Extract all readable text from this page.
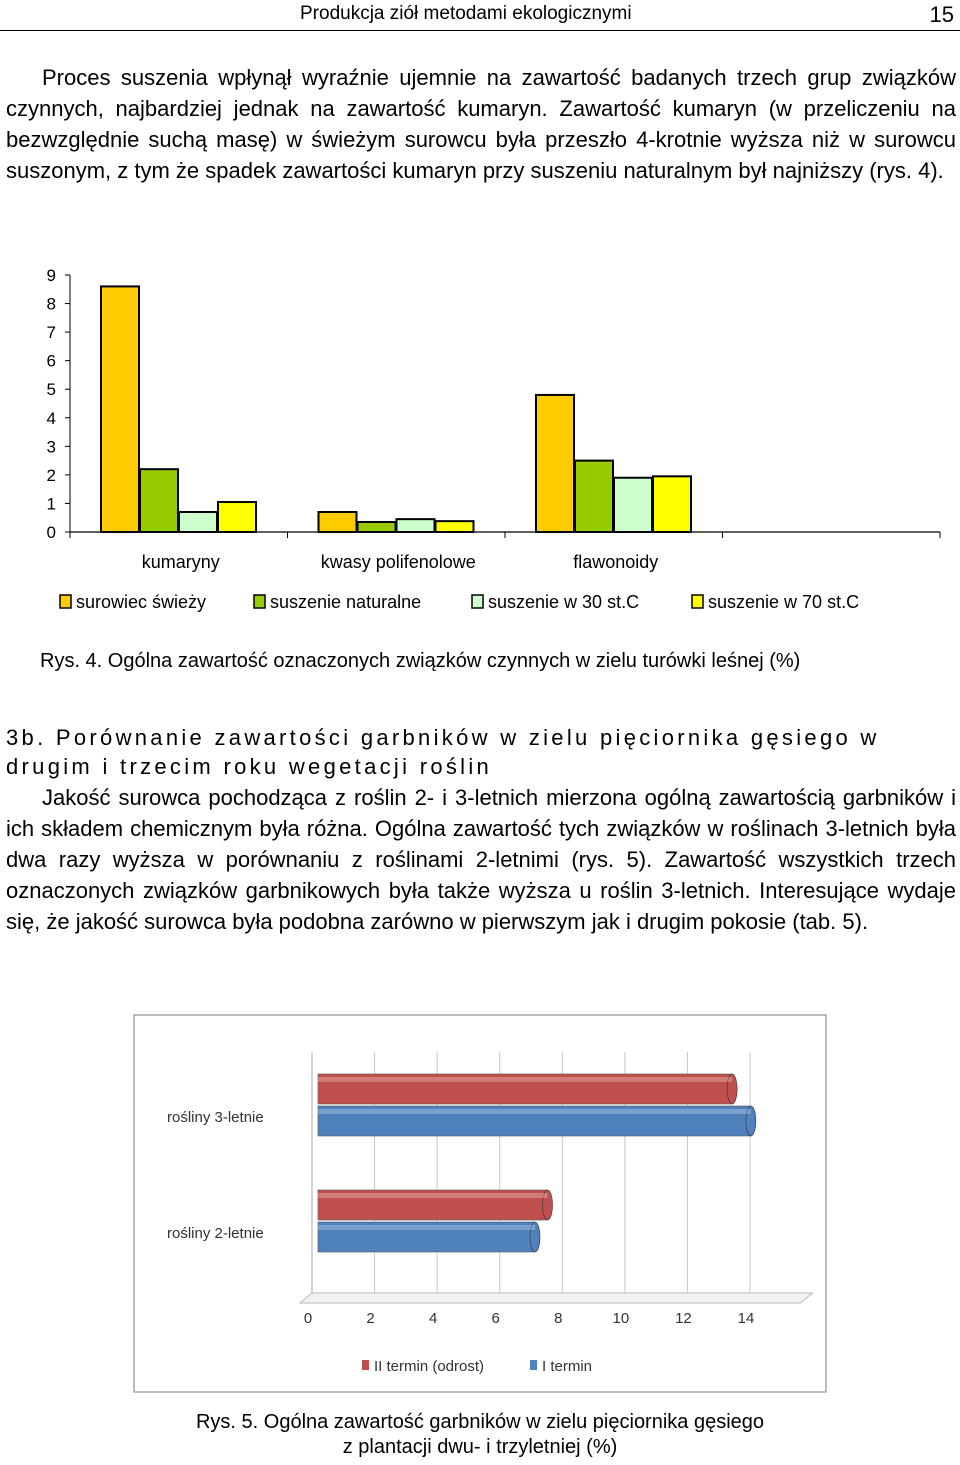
Produkcja ziół metodami ekologicznymi	15

Proces suszenia wpłynął wyraźnie ujemnie na zawartość badanych trzech grup związków czynnych, najbardziej jednak na zawartość kumaryn. Zawartość kumaryn (w przeliczeniu na bezwzględnie suchą masę) w świeżym surowcu była przeszło 4-krotnie wyższa niż w surowcu suszonym, z tym że spadek zawartości kumaryn przy suszeniu naturalnym był najniższy (rys. 4).

0
1
2
3
4
5
6
7
8
9
kumaryny	kwasy polifenolowe	flawonoidy
surowiec świeży	suszenie naturalne	suszenie w 30 st.C	suszenie w 70 st.C
Rys. 4. Ogólna zawartość oznaczonych związków czynnych w zielu turówki leśnej (%)

3b. Porównanie zawartości garbników w zielu pięciornika gęsiego w drugim i trzecim roku wegetacji roślin

Jakość surowca pochodząca z roślin 2- i 3-letnich mierzona ogólną zawartością garbników i ich składem chemicznym była różna. Ogólna zawartość tych związków w roślinach 3-letnich była dwa razy wyższa w porównaniu z roślinami 2-letnimi (rys. 5). Zawartość wszystkich trzech oznaczonych związków garbnikowych była także wyższa u roślin 3-letnich. Interesujące wydaje się, że jakość surowca była podobna zarówno w pierwszym jak i drugim pokosie (tab. 5).

0	2	4	6	8	10	12	14
rośliny 3-letnie
rośliny 2-letnie
II termin (odrost)	I termin
Rys. 5. Ogólna zawartość garbników w zielu pięciornika gęsiego
z plantacji dwu- i trzyletniej (%)
